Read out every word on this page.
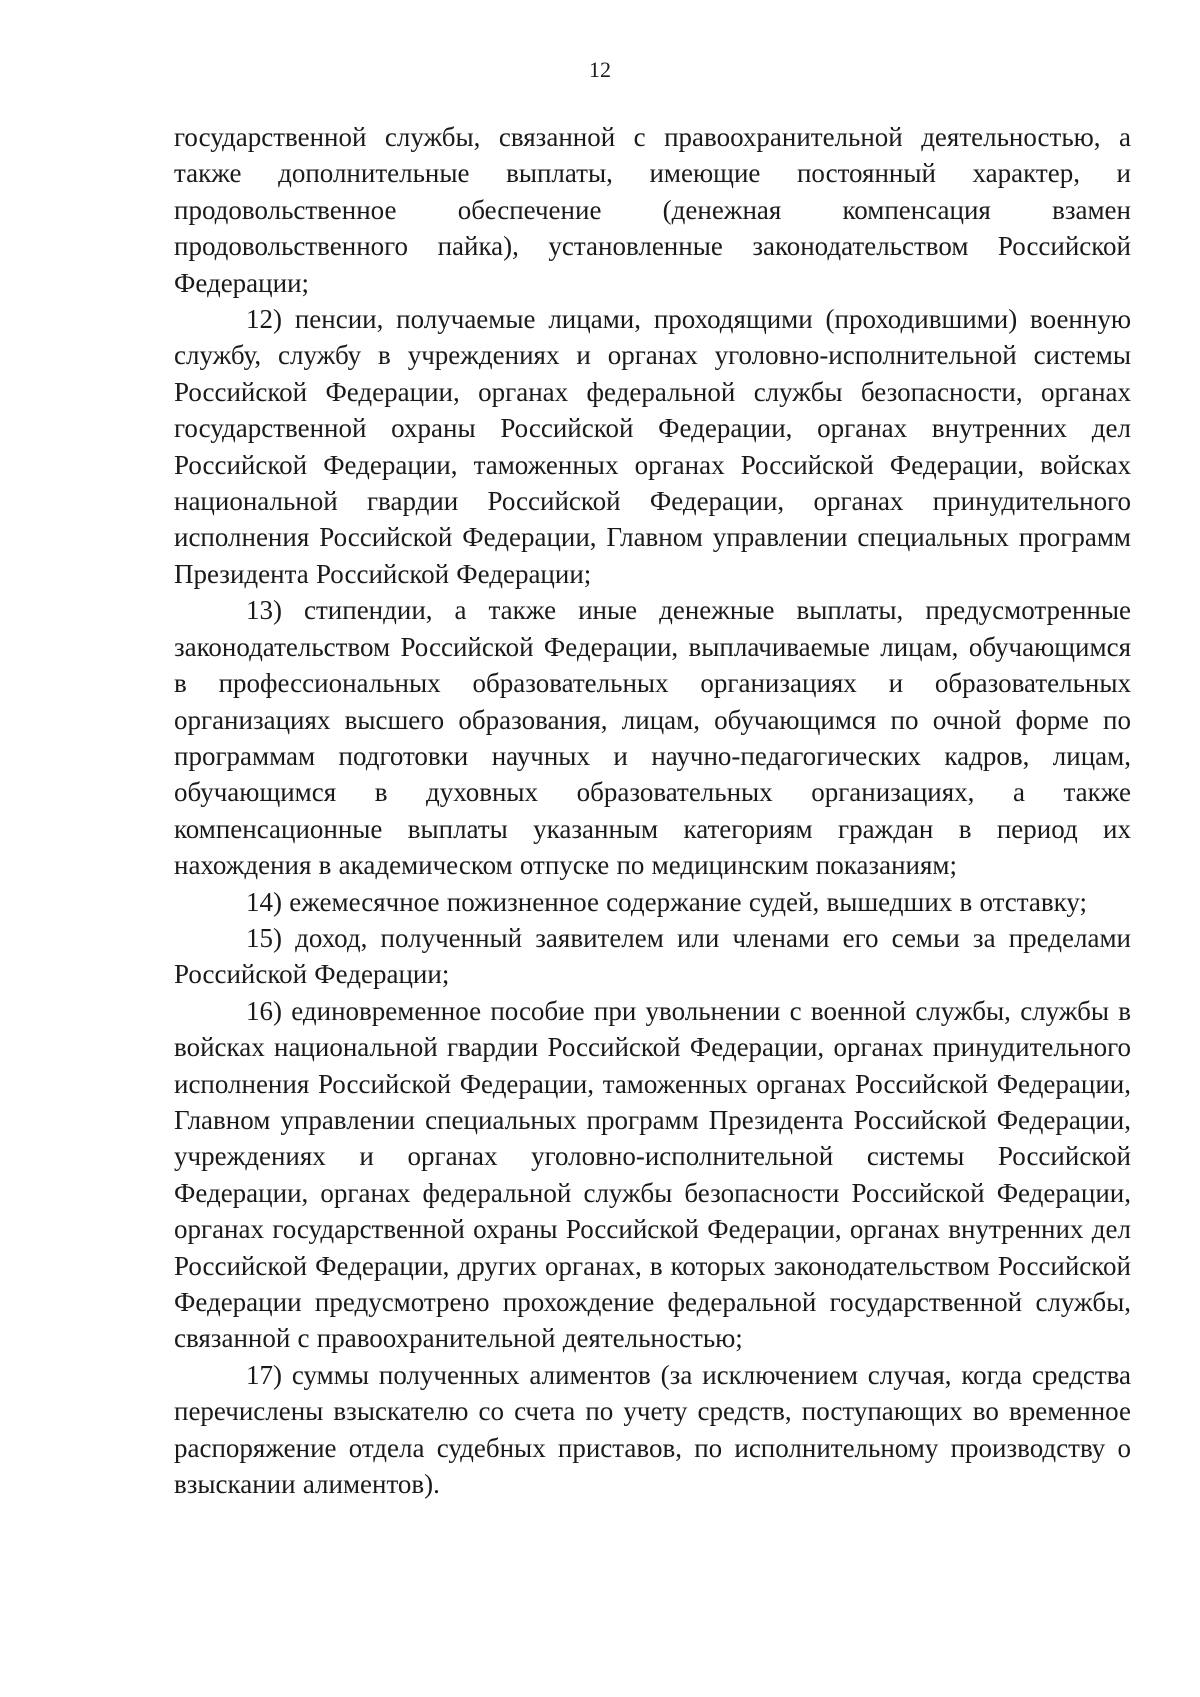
12

государственной службы, связанной с правоохранительной деятельностью, а также дополнительные выплаты, имеющие постоянный характер, и продовольственное обеспечение (денежная компенсация взамен продовольственного пайка), установленные законодательством Российской Федерации;

12) пенсии, получаемые лицами, проходящими (проходившими) военную службу, службу в учреждениях и органах уголовно-исполнительной системы Российской Федерации, органах федеральной службы безопасности, органах государственной охраны Российской Федерации, органах внутренних дел Российской Федерации, таможенных органах Российской Федерации, войсках национальной гвардии Российской Федерации, органах принудительного исполнения Российской Федерации, Главном управлении специальных программ Президента Российской Федерации;

13) стипендии, а также иные денежные выплаты, предусмотренные законодательством Российской Федерации, выплачиваемые лицам, обучающимся в профессиональных образовательных организациях и образовательных организациях высшего образования, лицам, обучающимся по очной форме по программам подготовки научных и научно-педагогических кадров, лицам, обучающимся в духовных образовательных организациях, а также компенсационные выплаты указанным категориям граждан в период их нахождения в академическом отпуске по медицинским показаниям;

14) ежемесячное пожизненное содержание судей, вышедших в отставку;

15) доход, полученный заявителем или членами его семьи за пределами Российской Федерации;

16) единовременное пособие при увольнении с военной службы, службы в войсках национальной гвардии Российской Федерации, органах принудительного исполнения Российской Федерации, таможенных органах Российской Федерации, Главном управлении специальных программ Президента Российской Федерации, учреждениях и органах уголовно-исполнительной системы Российской Федерации, органах федеральной службы безопасности Российской Федерации, органах государственной охраны Российской Федерации, органах внутренних дел Российской Федерации, других органах, в которых законодательством Российской Федерации предусмотрено прохождение федеральной государственной службы, связанной с правоохранительной деятельностью;

17) суммы полученных алиментов (за исключением случая, когда средства перечислены взыскателю со счета по учету средств, поступающих во временное распоряжение отдела судебных приставов, по исполнительному производству о взыскании алиментов).
